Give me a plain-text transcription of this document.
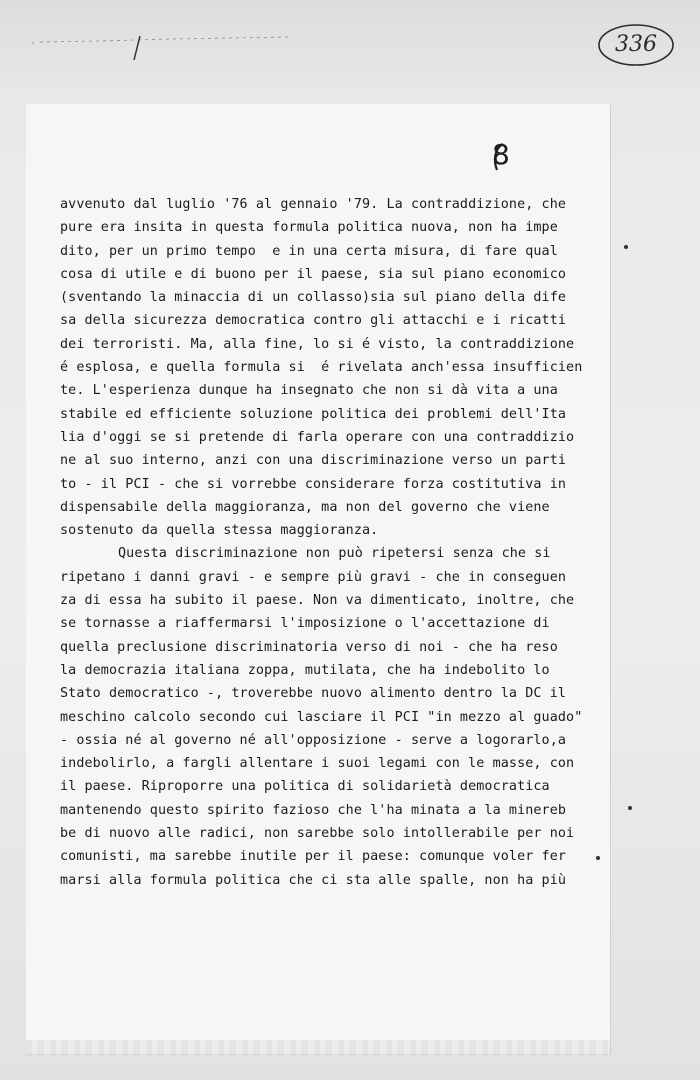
336
8
avvenuto dal luglio '76 al gennaio '79. La contraddizione, che
pure era insita in questa formula politica nuova, non ha impe
dito, per un primo tempo  e in una certa misura, di fare qual
cosa di utile e di buono per il paese, sia sul piano economico
(sventando la minaccia di un collasso)sia sul piano della dife
sa della sicurezza democratica contro gli attacchi e i ricatti
dei terroristi. Ma, alla fine, lo si é visto, la contraddizione
é esplosa, e quella formula si  é rivelata anch'essa insufficien
te. L'esperienza dunque ha insegnato che non si dà vita a una
stabile ed efficiente soluzione politica dei problemi dell'Ita
lia d'oggi se si pretende di farla operare con una contraddizio
ne al suo interno, anzi con una discriminazione verso un parti
to - il PCI - che si vorrebbe considerare forza costitutiva in
dispensabile della maggioranza, ma non del governo che viene
sostenuto da quella stessa maggioranza.
Questa discriminazione non può ripetersi senza che si
ripetano i danni gravi - e sempre più gravi - che in conseguen
za di essa ha subito il paese. Non va dimenticato, inoltre, che
se tornasse a riaffermarsi l'imposizione o l'accettazione di
quella preclusione discriminatoria verso di noi - che ha reso
la democrazia italiana zoppa, mutilata, che ha indebolito lo
Stato democratico -, troverebbe nuovo alimento dentro la DC il
meschino calcolo secondo cui lasciare il PCI "in mezzo al guado"
- ossia né al governo né all'opposizione - serve a logorarlo,a
indebolirlo, a fargli allentare i suoi legami con le masse, con
il paese. Riproporre una politica di solidarietà democratica
mantenendo questo spirito fazioso che l'ha minata a la minereb
be di nuovo alle radici, non sarebbe solo intollerabile per noi
comunisti, ma sarebbe inutile per il paese: comunque voler fer
marsi alla formula politica che ci sta alle spalle, non ha più
